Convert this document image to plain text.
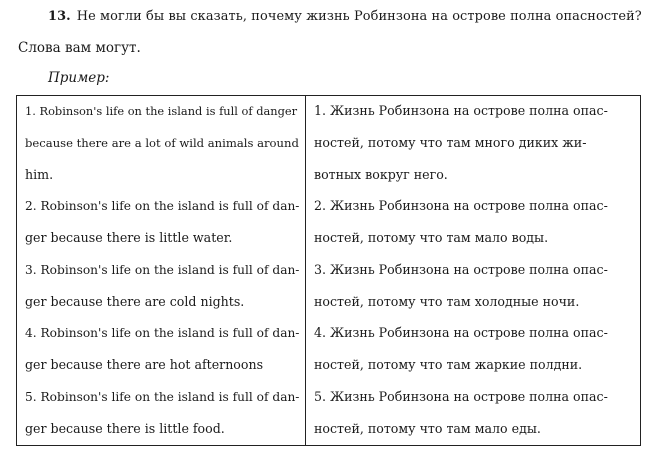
13. Не могли бы вы сказать, почему жизнь Робинзона на острове полна опасностей?
Слова вам могут.
Пример:
1. Robinson's life on the island is full of danger
because there are a lot of wild animals around
him.
2. Robinson's life on the island is full of dan-
ger because there is little water.
3. Robinson's life on the island is full of dan-
ger because there are cold nights.
4. Robinson's life on the island is full of dan-
ger because there are hot afternoons
5. Robinson's life on the island is full of dan-
ger because there is little food.
1. Жизнь Робинзона на острове полна опас-
ностей, потому что там много диких жи-
вотных вокруг него.
2. Жизнь Робинзона на острове полна опас-
ностей, потому что там мало воды.
3. Жизнь Робинзона на острове полна опас-
ностей, потому что там холодные ночи.
4. Жизнь Робинзона на острове полна опас-
ностей, потому что там жаркие полдни.
5. Жизнь Робинзона на острове полна опас-
ностей, потому что там мало еды.
